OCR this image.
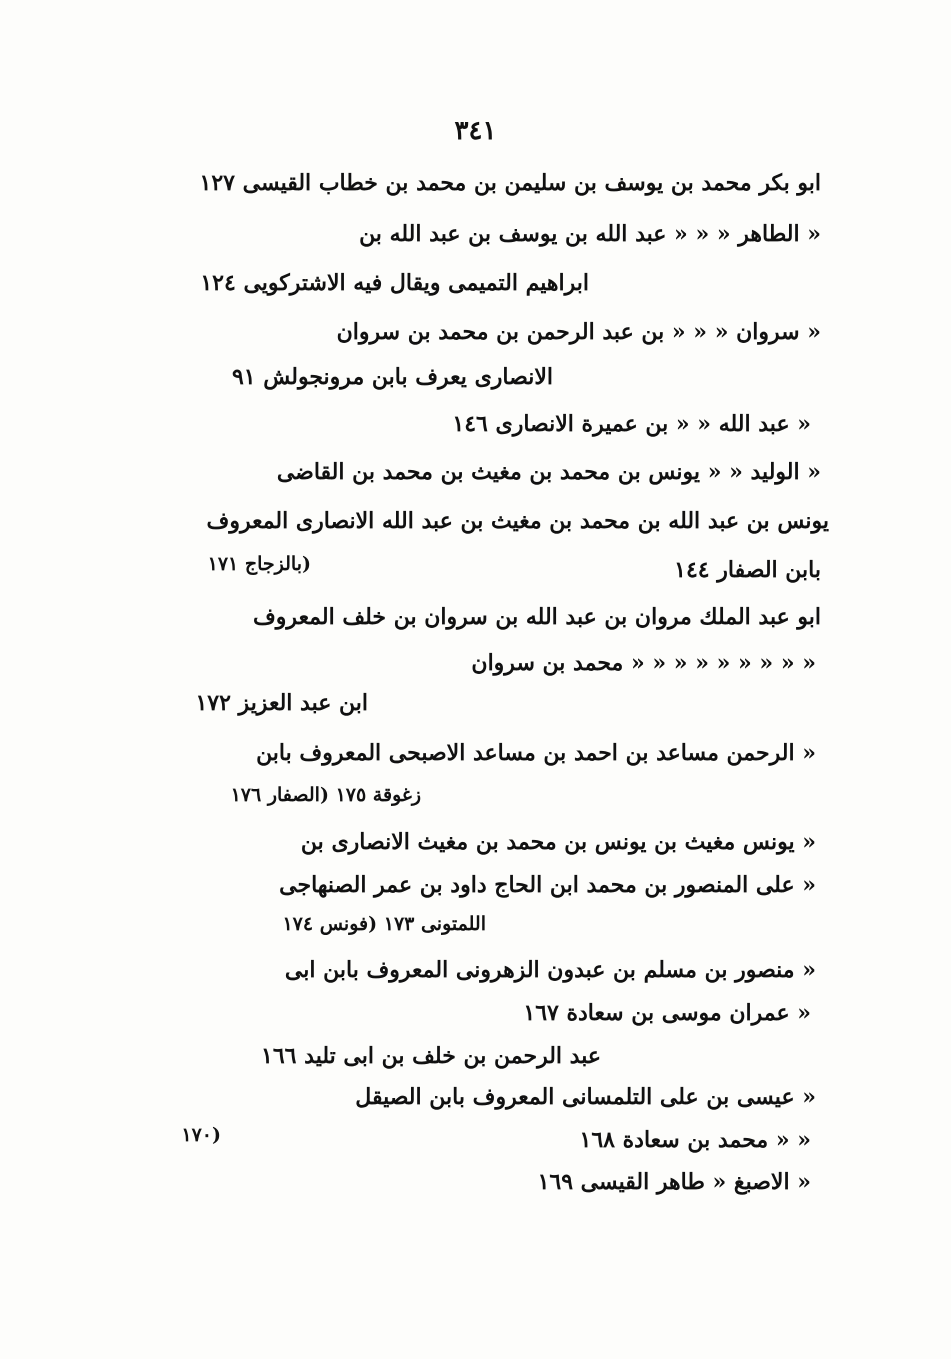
٣٤١
ابو بكر محمد بن يوسف بن سليمن بن محمد بن خطاب القيسى ١٢٧
« الطاهر « « « عبد الله بن يوسف بن عبد الله بن
ابراهيم التميمى ويقال فيه الاشتركويى ١٢٤
« سروان « « « بن عبد الرحمن بن محمد بن سروان
الانصارى يعرف بابن مرونجولش ٩١
« عبد الله « « بن عميرة الانصارى ١٤٦
« الوليد « « يونس بن محمد بن مغيث بن محمد بن القاضى
يونس بن عبد الله بن محمد بن مغيث بن عبد الله الانصارى المعروف
(بالزجاج ١٧١	بابن الصفار ١٤٤
ابو عبد الملك مروان بن عبد الله بن سروان بن خلف المعروف
« « « « « « « « « محمد بن سروان
ابن عبد العزيز ١٧٢
« الرحمن مساعد بن احمد بن مساعد الاصبحى المعروف بابن
زغوقة ١٧٥ (الصفار ١٧٦
« يونس مغيث بن يونس بن محمد بن مغيث الانصارى بن
« على المنصور بن محمد ابن الحاج داود بن عمر الصنهاجى
اللمتونى ١٧٣ (فونس ١٧٤
« منصور بن مسلم بن عبدون الزهرونى المعروف بابن ابى
« عمران موسى بن سعادة ١٦٧
عبد الرحمن بن خلف بن ابى تليد ١٦٦
« عيسى بن على التلمسانى المعروف بابن الصيقل
(١٧٠	« « محمد بن سعادة ١٦٨
« الاصبغ « طاهر القيسى ١٦٩
